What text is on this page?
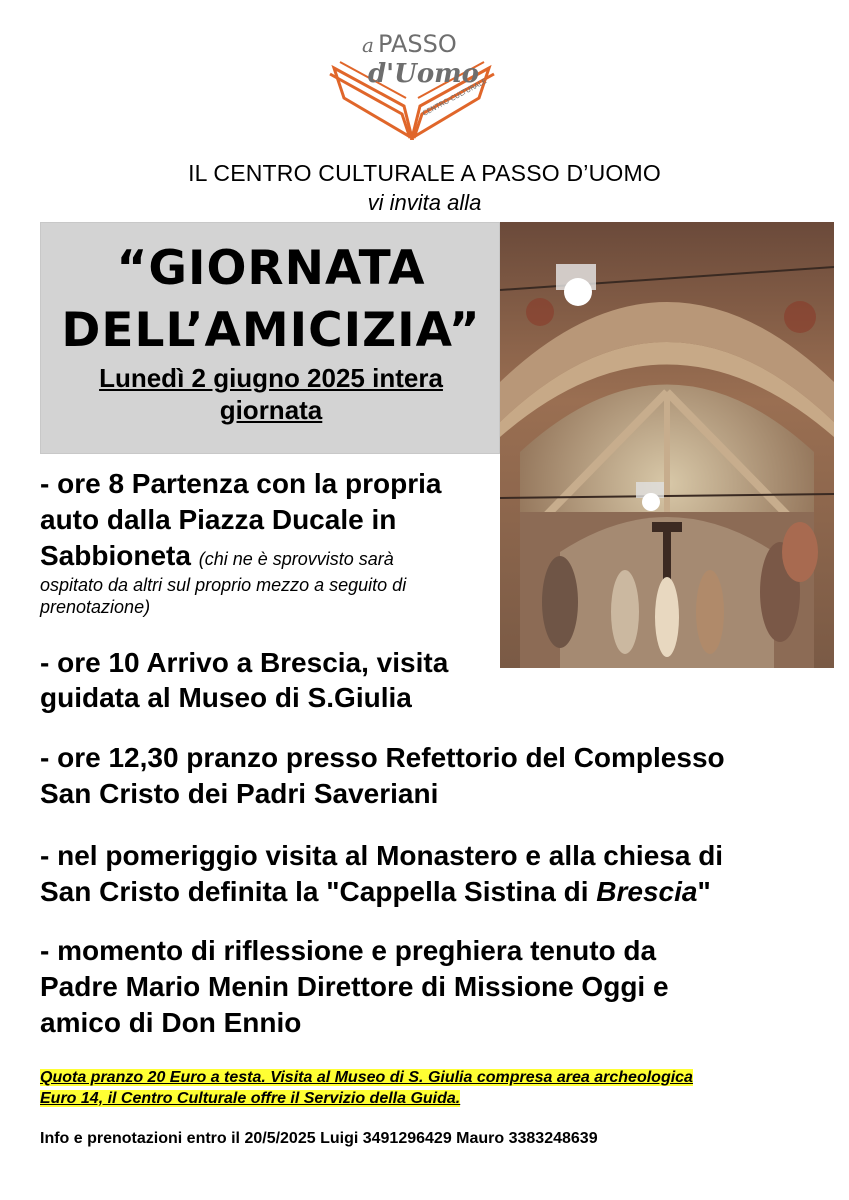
a PASSO
d'Uomo
CENTRO CULTURALE
IL CENTRO CULTURALE A PASSO D’UOMO
vi invita alla
“GIORNATA
DELL’AMICIZIA”
Lunedì 2 giugno 2025 intera
giornata
- ore 8 Partenza con la propria
auto dalla Piazza Ducale in
Sabbioneta (chi ne è sprovvisto sarà
ospitato da altri sul proprio mezzo a seguito di
prenotazione)
- ore 10 Arrivo a Brescia, visita
guidata al Museo di S.Giulia
- ore 12,30 pranzo presso Refettorio del Complesso
San Cristo dei Padri Saveriani
- nel pomeriggio visita al Monastero e alla chiesa di
San Cristo definita la "Cappella Sistina di Brescia"
- momento di riflessione e preghiera tenuto da
Padre Mario Menin Direttore di Missione Oggi e
amico di Don Ennio
Quota pranzo 20 Euro a testa. Visita al Museo di S. Giulia compresa area archeologica
Euro 14, il Centro Culturale offre il Servizio della Guida.
Info e prenotazioni entro il 20/5/2025 Luigi 3491296429 Mauro 3383248639
